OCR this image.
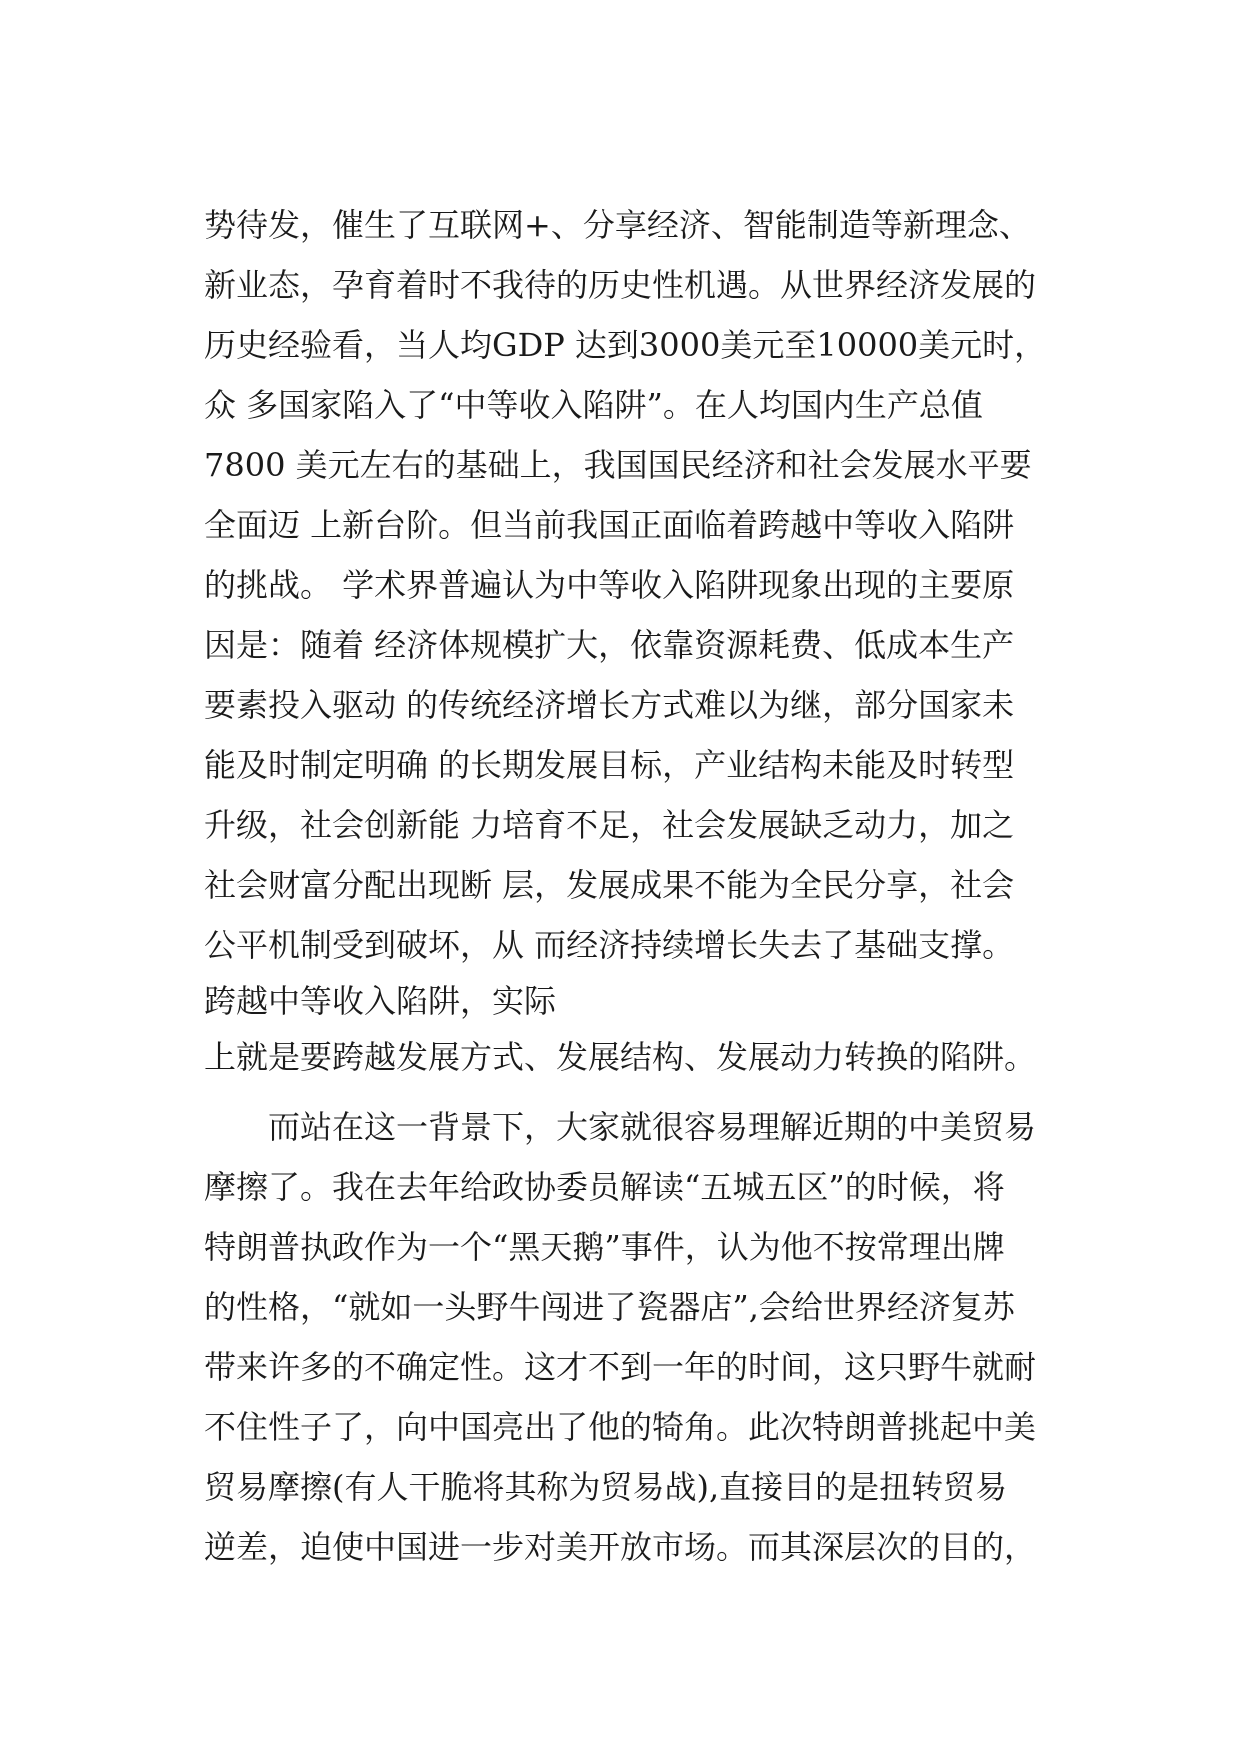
势待发，催生了互联网+、分享经济、智能制造等新理念、
新业态，孕育着时不我待的历史性机遇。从世界经济发展的
历史经验看，当人均GDP 达到3000美元至10000美元时，
众 多国家陷入了“中等收入陷阱”。在人均国内生产总值
7800 美元左右的基础上，我国国民经济和社会发展水平要
全面迈 上新台阶。但当前我国正面临着跨越中等收入陷阱
的挑战。 学术界普遍认为中等收入陷阱现象出现的主要原
因是：随着 经济体规模扩大，依靠资源耗费、低成本生产
要素投入驱动 的传统经济增长方式难以为继，部分国家未
能及时制定明确 的长期发展目标，产业结构未能及时转型
升级，社会创新能 力培育不足，社会发展缺乏动力，加之
社会财富分配出现断 层，发展成果不能为全民分享，社会
公平机制受到破坏，从 而经济持续增长失去了基础支撑。
跨越中等收入陷阱，实际
上就是要跨越发展方式、发展结构、发展动力转换的陷阱。
　　而站在这一背景下，大家就很容易理解近期的中美贸易
摩擦了。我在去年给政协委员解读“五城五区”的时候，将
特朗普执政作为一个“黑天鹅”事件，认为他不按常理出牌
的性格，“就如一头野牛闯进了瓷器店”,会给世界经济复苏
带来许多的不确定性。这才不到一年的时间，这只野牛就耐
不住性子了，向中国亮出了他的犄角。此次特朗普挑起中美
贸易摩擦(有人干脆将其称为贸易战),直接目的是扭转贸易
逆差，迫使中国进一步对美开放市场。而其深层次的目的，
